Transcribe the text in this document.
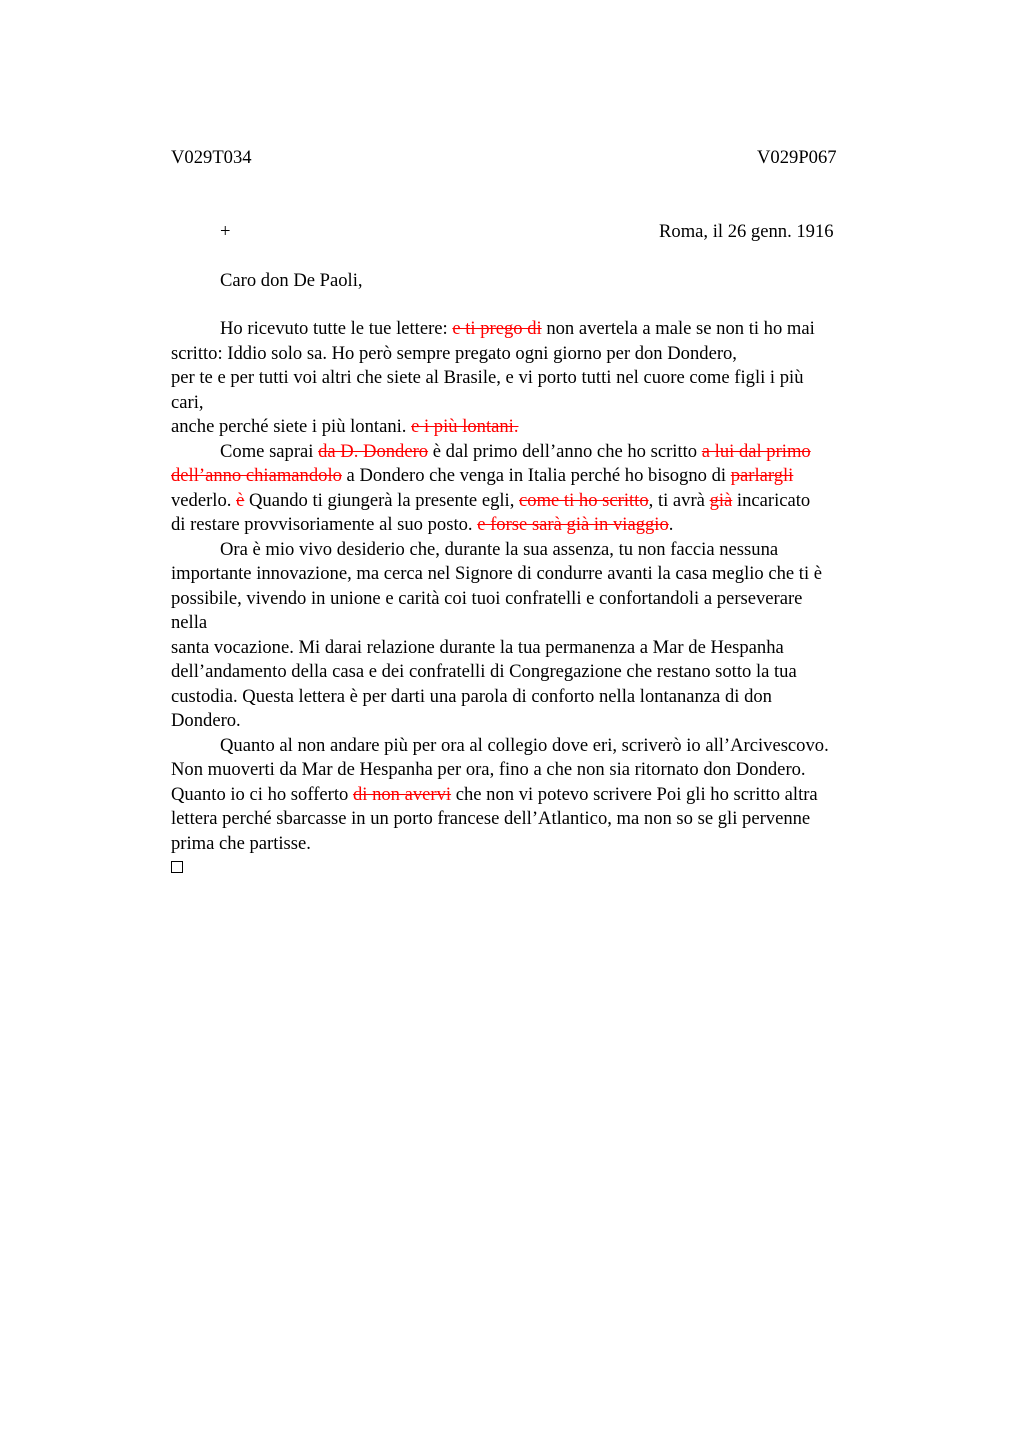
V029T034	V029P067
+	Roma, il 26 genn. 1916
Caro don De Paoli,
Ho ricevuto tutte le tue lettere: e ti prego di non avertela a male se non ti ho mai
scritto: Iddio solo sa. Ho però sempre pregato ogni giorno per don Dondero,
per te e per tutti voi altri che siete al Brasile, e vi porto tutti nel cuore come figli i più
cari,
anche perché siete i più lontani. e i più lontani.
Come saprai da D. Dondero è dal primo dell’anno che ho scritto a lui dal primo
dell’anno chiamandolo a Dondero che venga in Italia perché ho bisogno di parlargli
vederlo. è Quando ti giungerà la presente egli, come ti ho scritto, ti avrà già incaricato
di restare provvisoriamente al suo posto. e forse sarà già in viaggio.
Ora è mio vivo desiderio che, durante la sua assenza, tu non faccia nessuna
importante innovazione, ma cerca nel Signore di condurre avanti la casa meglio che ti è
possibile, vivendo in unione e carità coi tuoi confratelli e confortandoli a perseverare
nella
santa vocazione. Mi darai relazione durante la tua permanenza a Mar de Hespanha
dell’andamento della casa e dei confratelli di Congregazione che restano sotto la tua
custodia. Questa lettera è per darti una parola di conforto nella lontananza di don
Dondero.
Quanto al non andare più per ora al collegio dove eri, scriverò io all’Arcivescovo.
Non muoverti da Mar de Hespanha per ora, fino a che non sia ritornato don Dondero.
Quanto io ci ho sofferto di non avervi che non vi potevo scrivere Poi gli ho scritto altra
lettera perché sbarcasse in un porto francese dell’Atlantico, ma non so se gli pervenne
prima che partisse.
